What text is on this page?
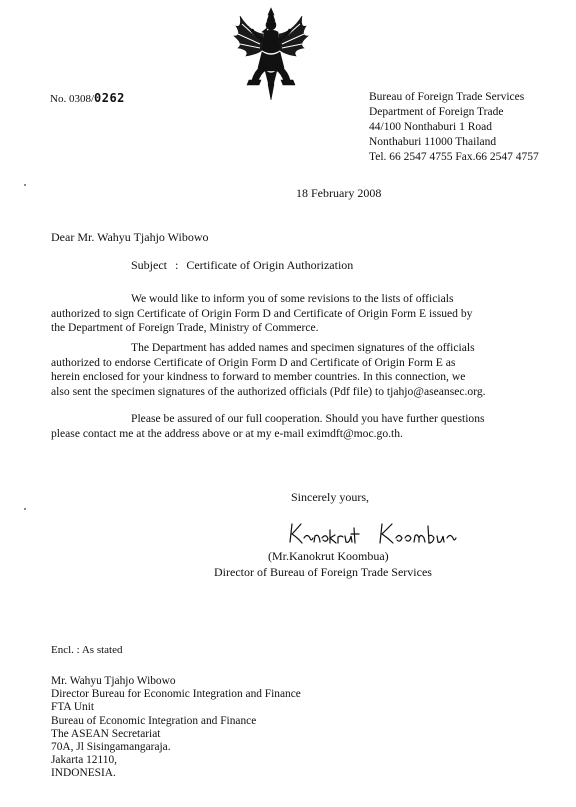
No. 0308/0262	Bureau of Foreign Trade Services
Department of Foreign Trade
44/100 Nonthaburi 1 Road
Nonthaburi 11000 Thailand
Tel. 66 2547 4755 Fax.66 2547 4757
18 February 2008
Dear Mr. Wahyu Tjahjo Wibowo
Subject : Certificate of Origin Authorization

We would like to inform you of some revisions to the lists of officials

authorized to sign Certificate of Origin Form D and Certificate of Origin Form E issued by

the Department of Foreign Trade, Ministry of Commerce.

The Department has added names and specimen signatures of the officials

authorized to endorse Certificate of Origin Form D and Certificate of Origin Form E as

herein enclosed for your kindness to forward to member countries. In this connection, we

also sent the specimen signatures of the authorized officials (Pdf file) to tjahjo@aseansec.org.

Please be assured of our full cooperation. Should you have further questions

please contact me at the address above or at my e-mail eximdft@moc.go.th.

Sincerely yours,
(Mr.Kanokrut Koombua)
Director of Bureau of Foreign Trade Services
Encl. : As stated
Mr. Wahyu Tjahjo Wibowo
Director Bureau for Economic Integration and Finance
FTA Unit
Bureau of Economic Integration and Finance
The ASEAN Secretariat
70A, Jl Sisingamangaraja.
Jakarta 12110,
INDONESIA.
